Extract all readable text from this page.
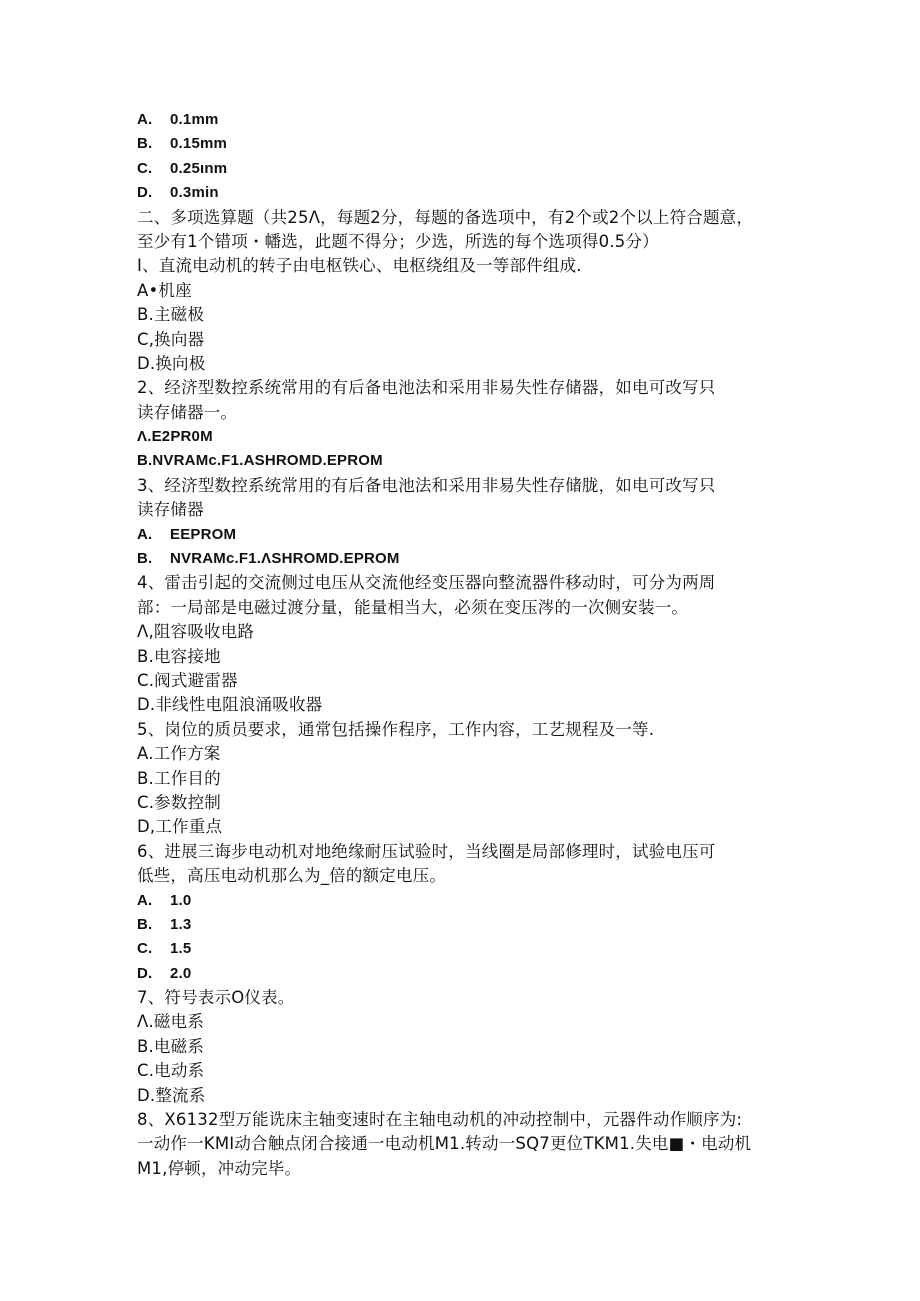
A. 0.1mm
B. 0.15mm
C. 0.25ιnm
D. 0.3min
二、多项选算题（共25Λ，每题2分，每题的备选项中，有2个或2个以上符合题意，
至少有1个错项・幡选，此题不得分；少选，所选的每个选项得0.5分）
I、直流电动机的转子由电枢铁心、电枢绕组及一等部件组成.
A•机座
B.主磁极
C,换向器
D.换向极
2、经济型数控系统常用的有后备电池法和采用非易失性存储器，如电可改写只
读存储器一。
Λ.E2PR0M
B.NVRAMc.F1.ASHROMD.EPROM
3、经济型数控系统常用的有后备电池法和采用非易失性存储胧，如电可改写只
读存储器
A. EEPROM
B. NVRAMc.F1.ΛSHROMD.EPROM
4、雷击引起的交流侧过电压从交流他经变压器向整流器件移动时，可分为两周
部：一局部是电磁过渡分量，能量相当大，必须在变压涔的一次侧安装一。
Λ,阻容吸收电路
B.电容接地
C.阀式避雷器
D.非线性电阻浪涌吸收器
5、岗位的质员要求，通常包括操作程序，工作内容，工艺规程及一等.
A.工作方案
B.工作目的
C.参数控制
D,工作重点
6、进展三诲步电动机对地绝缘耐压试验时，当线圈是局部修理时，试验电压可
低些，高压电动机那么为_倍的额定电压。
A. 1.0
B. 1.3
C. 1.5
D. 2.0
7、符号表示O仪表。
Λ.磁电系
B.电磁系
C.电动系
D.整流系
8、X6132型万能诜床主轴变速时在主轴电动机的冲动控制中，元器件动作顺序为:
一动作一KMI动合触点闭合接通一电动机M1.转动一SQ7更位TKM1.失电■・电动机
M1,停顿，冲动完毕。
